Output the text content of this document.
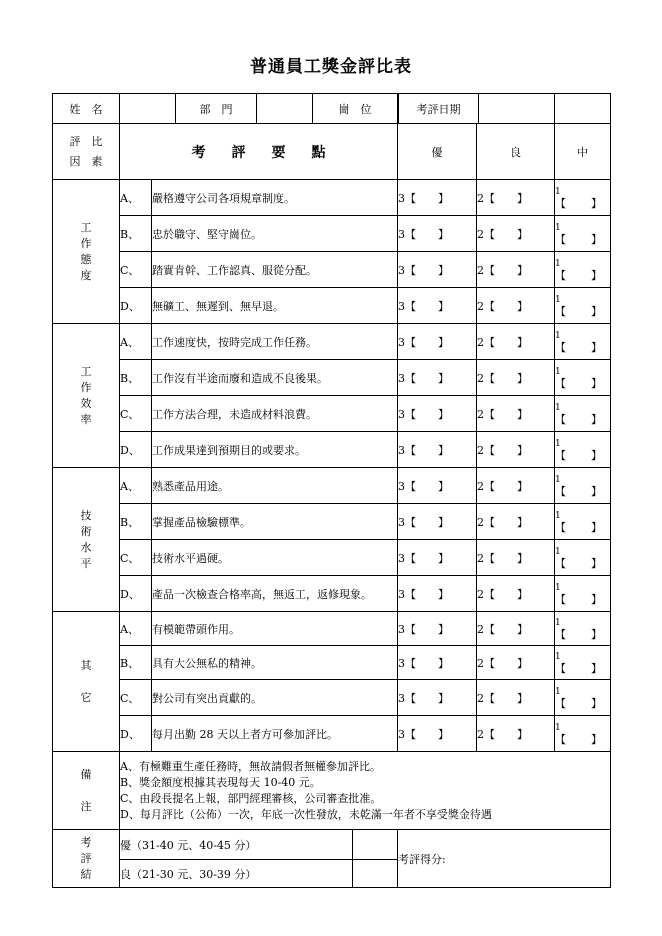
普通員工獎金評比表
姓　名	
		部　門		崗　位

		考評日期	

評　比
因　素
	考評要點	優	良	中

工
作
態
度
	A、	嚴格遵守公司各項規章制度。	3【　　】	2【　　】	1
【　　】

B、	忠於職守、堅守崗位。	3【　　】	2【　　】	1
【　　】

C、	踏實肯幹、工作認真、服從分配。	3【　　】	2【　　】	1
【　　】

D、	無礦工、無遲到、無早退。	3【　　】	2【　　】	1
【　　】

工
作
效
率
	A、	工作速度快，按時完成工作任務。	3【　　】	2【　　】	1
【　　】

B、	工作沒有半途而廢和造成不良後果。	3【　　】	2【　　】	1
【　　】

C、	工作方法合理，未造成材料浪費。	3【　　】	2【　　】	1
【　　】

D、	工作成果達到預期目的或要求。	3【　　】	2【　　】	1
【　　】

技
術
水
平
	A、	熟悉產品用途。	3【　　】	2【　　】	1
【　　】

B、	掌握產品檢驗標準。	3【　　】	2【　　】	1
【　　】

C、	技術水平過硬。	3【　　】	2【　　】	1
【　　】

D、	產品一次檢查合格率高，無返工，返修現象。	3【　　】	2【　　】	1
【　　】

其
它
	A、	有模範帶頭作用。	3【　　】	2【　　】	1
【　　】

B、	具有大公無私的精神。	3【　　】	2【　　】	1
【　　】

C、	對公司有突出貢獻的。	3【　　】	2【　　】	1
【　　】

D、	每月出勤 28 天以上者方可參加評比。	3【　　】	2【　　】	1
【　　】

備
注

A、有極難重生產任務時，無故請假者無權參加評比。
B、獎金額度根據其表現每天 10-40 元。
C、由段長提名上報，部門經理審核，公司審查批准。
D、每月評比（公佈）一次，年底一次性發放，未乾滿一年者不享受獎金待遇

考
評
結

優（31-40 元、40-45 分）	
	考評得分:

良（21-30 元、30-39 分）	
